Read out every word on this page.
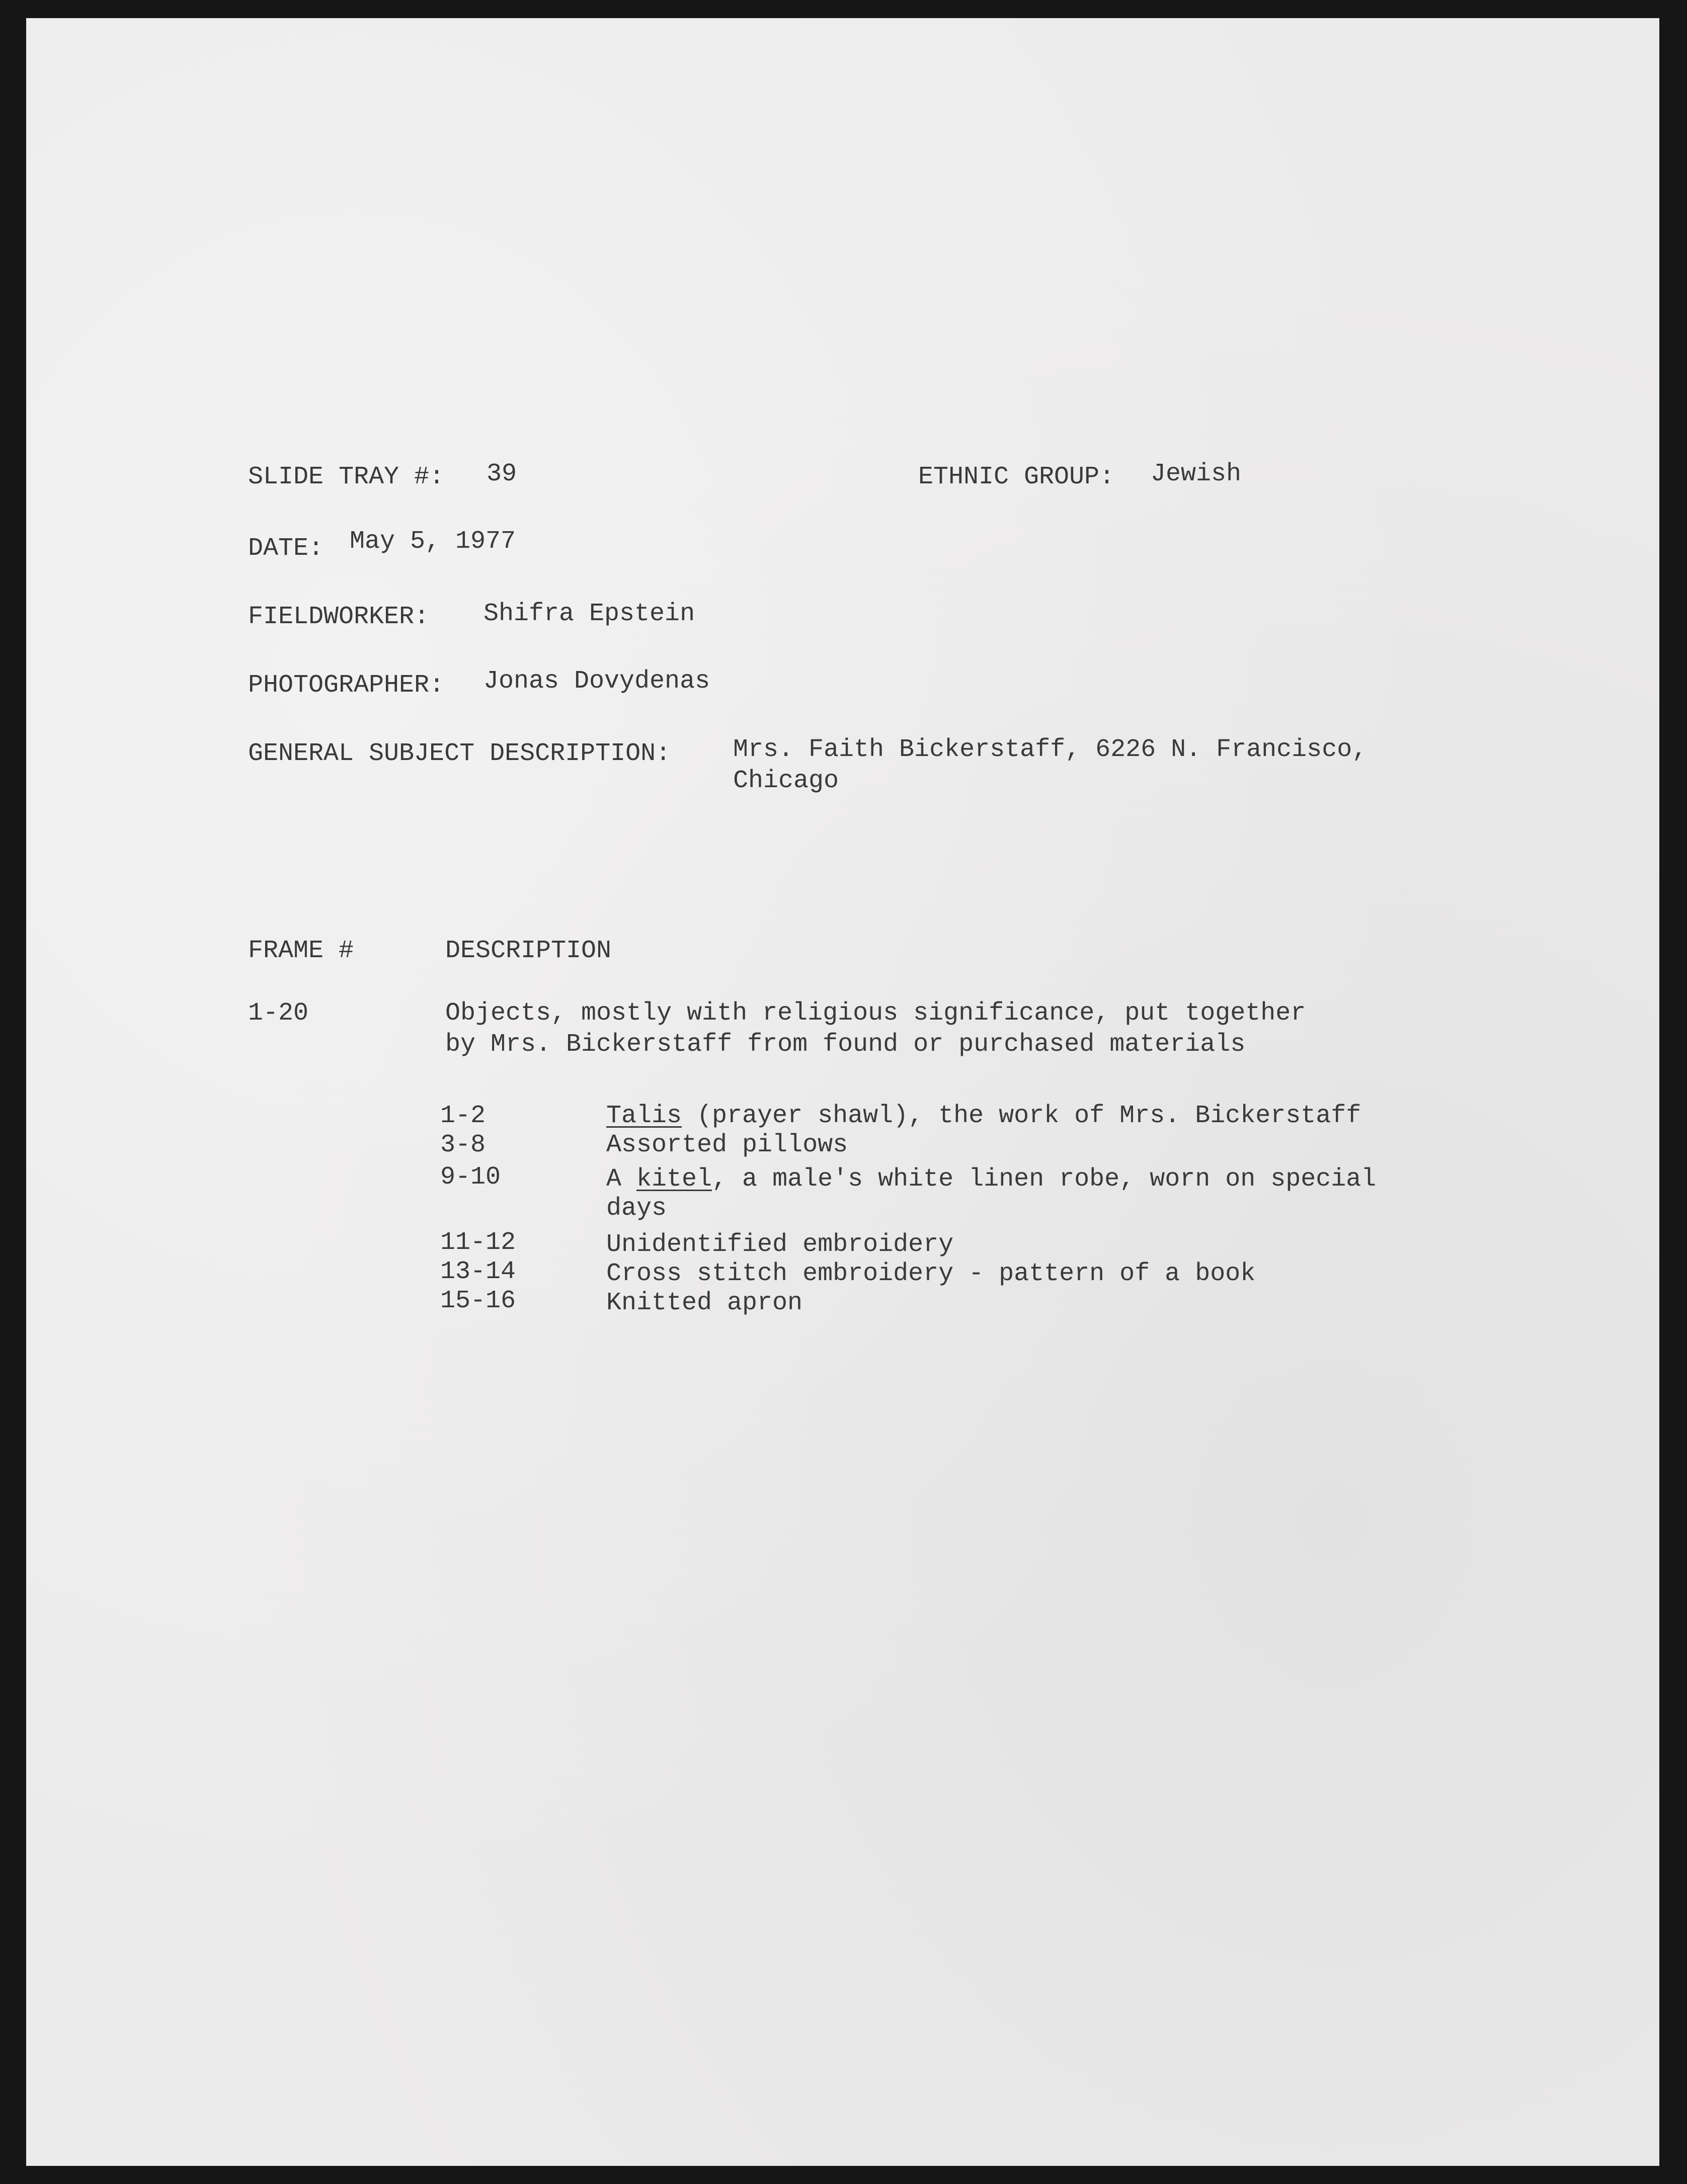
SLIDE TRAY #: 39	ETHNIC GROUP: Jewish
DATE: May 5, 1977
FIELDWORKER: Shifra Epstein
PHOTOGRAPHER: Jonas Dovydenas
GENERAL SUBJECT DESCRIPTION: Mrs. Faith Bickerstaff, 6226 N. Francisco,
Chicago
FRAME #	DESCRIPTION
1-20	Objects, mostly with religious significance, put together
by Mrs. Bickerstaff from found or purchased materials
1-2	Talis (prayer shawl), the work of Mrs. Bickerstaff
3-8	Assorted pillows
9-10	A kitel, a male's white linen robe, worn on special
days
11-12	Unidentified embroidery
13-14	Cross stitch embroidery - pattern of a book
15-16	Knitted apron
